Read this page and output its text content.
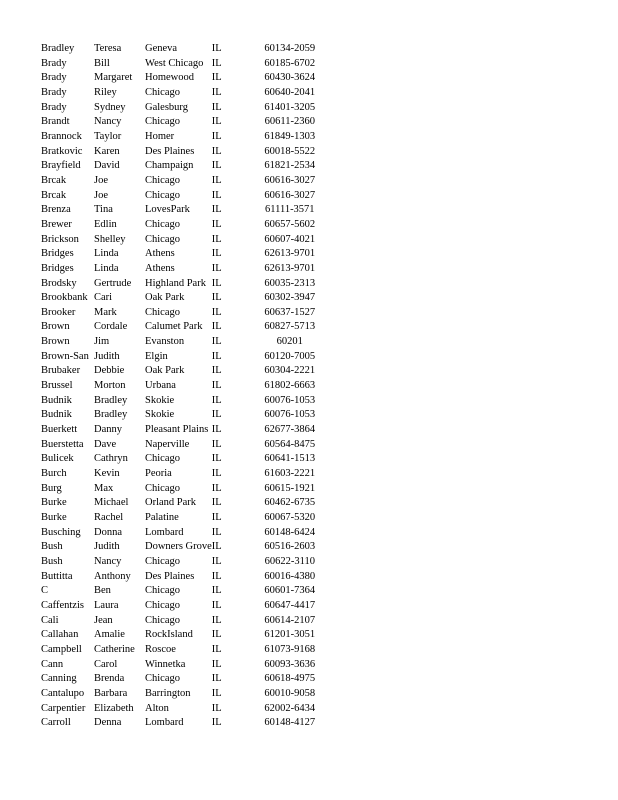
Bradley	Teresa	Geneva	IL	60134-2059
Brady	Bill	West Chicago	IL	60185-6702
Brady	Margaret	Homewood	IL	60430-3624
Brady	Riley	Chicago	IL	60640-2041
Brady	Sydney	Galesburg	IL	61401-3205
Brandt	Nancy	Chicago	IL	60611-2360
Brannock	Taylor	Homer	IL	61849-1303
Bratkovic	Karen	Des Plaines	IL	60018-5522
Brayfield	David	Champaign	IL	61821-2534
Brcak	Joe	Chicago	IL	60616-3027
Brcak	Joe	Chicago	IL	60616-3027
Brenza	Tina	LovesPark	IL	61111-3571
Brewer	Edlin	Chicago	IL	60657-5602
Brickson	Shelley	Chicago	IL	60607-4021
Bridges	Linda	Athens	IL	62613-9701
Bridges	Linda	Athens	IL	62613-9701
Brodsky	Gertrude	Highland Park	IL	60035-2313
Brookbank	Cari	Oak Park	IL	60302-3947
Brooker	Mark	Chicago	IL	60637-1527
Brown	Cordale	Calumet Park	IL	60827-5713
Brown	Jim	Evanston	IL	60201
Brown-San	Judith	Elgin	IL	60120-7005
Brubaker	Debbie	Oak Park	IL	60304-2221
Brussel	Morton	Urbana	IL	61802-6663
Budnik	Bradley	Skokie	IL	60076-1053
Budnik	Bradley	Skokie	IL	60076-1053
Buerkett	Danny	Pleasant Plains	IL	62677-3864
Buerstetta	Dave	Naperville	IL	60564-8475
Bulicek	Cathryn	Chicago	IL	60641-1513
Burch	Kevin	Peoria	IL	61603-2221
Burg	Max	Chicago	IL	60615-1921
Burke	Michael	Orland Park	IL	60462-6735
Burke	Rachel	Palatine	IL	60067-5320
Busching	Donna	Lombard	IL	60148-6424
Bush	Judith	Downers Grove	IL	60516-2603
Bush	Nancy	Chicago	IL	60622-3110
Buttitta	Anthony	Des Plaines	IL	60016-4380
C	Ben	Chicago	IL	60601-7364
Caffentzis	Laura	Chicago	IL	60647-4417
Cali	Jean	Chicago	IL	60614-2107
Callahan	Amalie	RockIsland	IL	61201-3051
Campbell	Catherine	Roscoe	IL	61073-9168
Cann	Carol	Winnetka	IL	60093-3636
Canning	Brenda	Chicago	IL	60618-4975
Cantalupo	Barbara	Barrington	IL	60010-9058
Carpentier	Elizabeth	Alton	IL	62002-6434
Carroll	Denna	Lombard	IL	60148-4127
